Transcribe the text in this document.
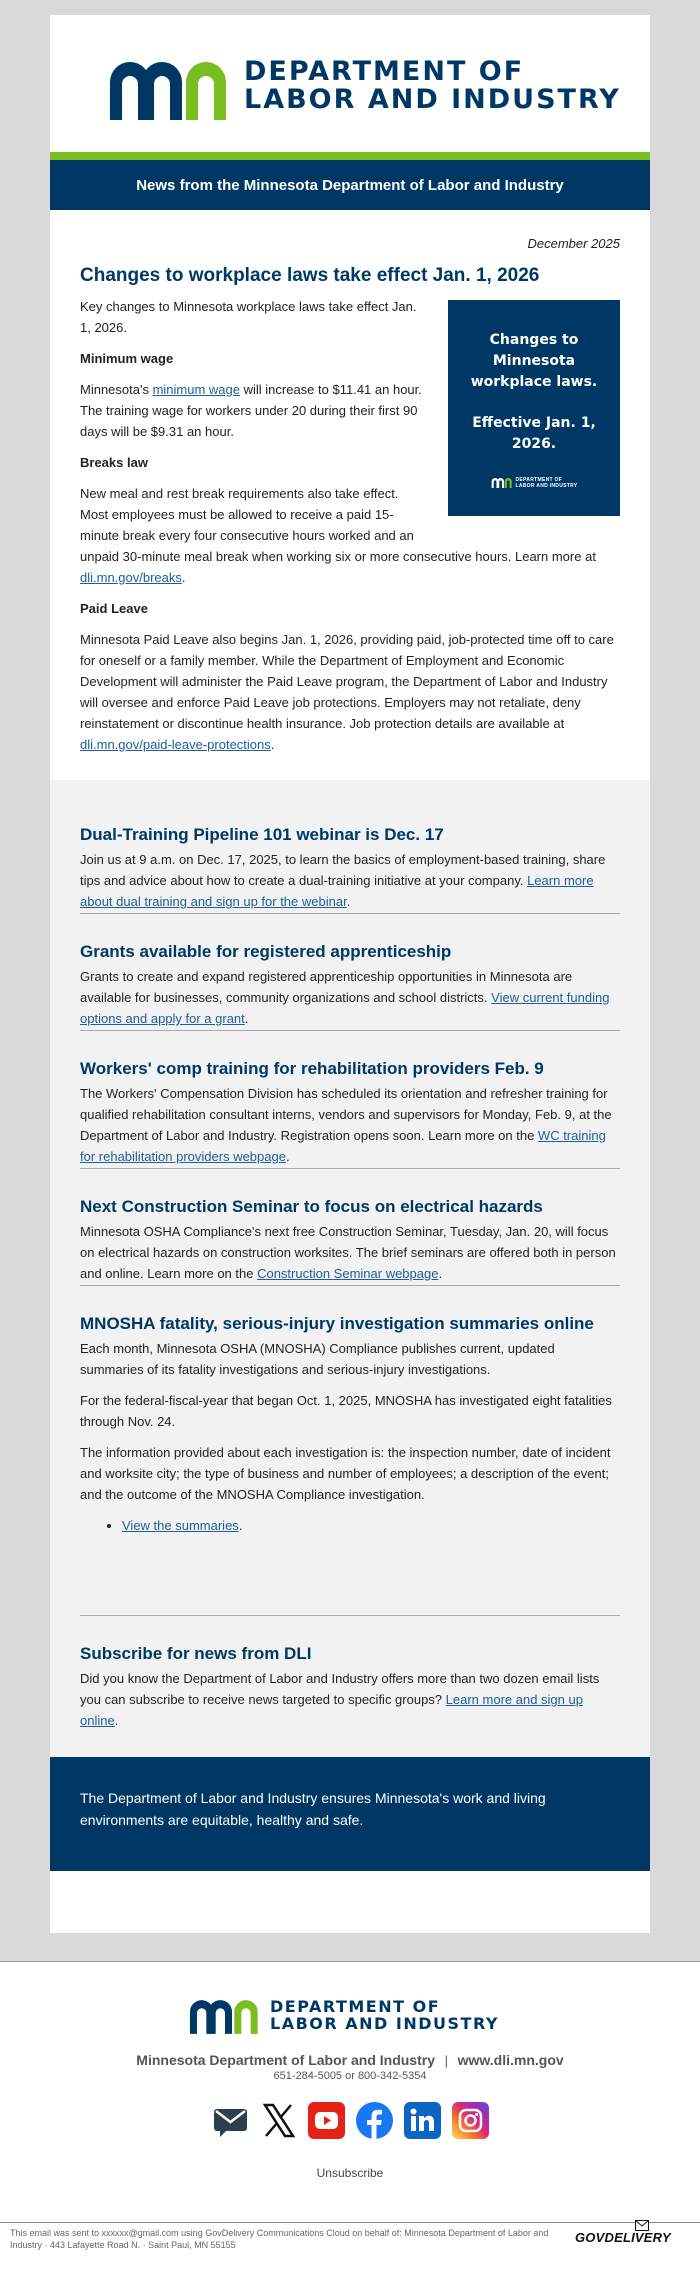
DEPARTMENT OF
LABOR AND INDUSTRY
News from the Minnesota Department of Labor and Industry
December 2025
Changes to workplace laws take effect Jan. 1, 2026
Changes to
Minnesota
workplace laws.
Effective Jan. 1,
2026.
DEPARTMENT OF
LABOR AND INDUSTRY

Key changes to Minnesota workplace laws take effect Jan. 1, 2026.

Minimum wage

Minnesota's minimum wage will increase to $11.41 an hour. The training wage for workers under 20 during their first 90 days will be $9.31 an hour.

Breaks law

New meal and rest break requirements also take effect. Most employees must be allowed to receive a paid 15-minute break every four consecutive hours worked and an unpaid 30-minute meal break when working six or more consecutive hours. Learn more at dli.mn.gov/breaks.

Paid Leave

Minnesota Paid Leave also begins Jan. 1, 2026, providing paid, job-protected time off to care for oneself or a family member. While the Department of Employment and Economic Development will administer the Paid Leave program, the Department of Labor and Industry will oversee and enforce Paid Leave job protections. Employers may not retaliate, deny reinstatement or discontinue health insurance. Job protection details are available at dli.mn.gov/paid-leave-protections.

Dual-Training Pipeline 101 webinar is Dec. 17

Join us at 9 a.m. on Dec. 17, 2025, to learn the basics of employment-based training, share tips and advice about how to create a dual-training initiative at your company. Learn more about dual training and sign up for the webinar.

Grants available for registered apprenticeship

Grants to create and expand registered apprenticeship opportunities in Minnesota are available for businesses, community organizations and school districts. View current funding options and apply for a grant.

Workers' comp training for rehabilitation providers Feb. 9

The Workers' Compensation Division has scheduled its orientation and refresher training for qualified rehabilitation consultant interns, vendors and supervisors for Monday, Feb. 9, at the Department of Labor and Industry. Registration opens soon. Learn more on the WC training for rehabilitation providers webpage.

Next Construction Seminar to focus on electrical hazards

Minnesota OSHA Compliance's next free Construction Seminar, Tuesday, Jan. 20, will focus on electrical hazards on construction worksites. The brief seminars are offered both in person and online. Learn more on the Construction Seminar webpage.

MNOSHA fatality, serious-injury investigation summaries online

Each month, Minnesota OSHA (MNOSHA) Compliance publishes current, updated summaries of its fatality investigations and serious-injury investigations.

For the federal-fiscal-year that began Oct. 1, 2025, MNOSHA has investigated eight fatalities through Nov. 24.

The information provided about each investigation is: the inspection number, date of incident and worksite city; the type of business and number of employees; a description of the event; and the outcome of the MNOSHA Compliance investigation.

• View the summaries.
Subscribe for news from DLI

Did you know the Department of Labor and Industry offers more than two dozen email lists you can subscribe to receive news targeted to specific groups? Learn more and sign up online.

The Department of Labor and Industry ensures Minnesota's work and living environments are equitable, healthy and safe.
DEPARTMENT OF
LABOR AND INDUSTRY
Minnesota Department of Labor and Industry | www.dli.mn.gov
651-284-5005 or 800-342-5354
Unsubscribe
This email was sent to xxxxxx@gmail.com using GovDelivery Communications Cloud on behalf of: Minnesota Department of Labor and Industry · 443 Lafayette Road N. · Saint Paul, MN 55155	GOVDELIVERY
